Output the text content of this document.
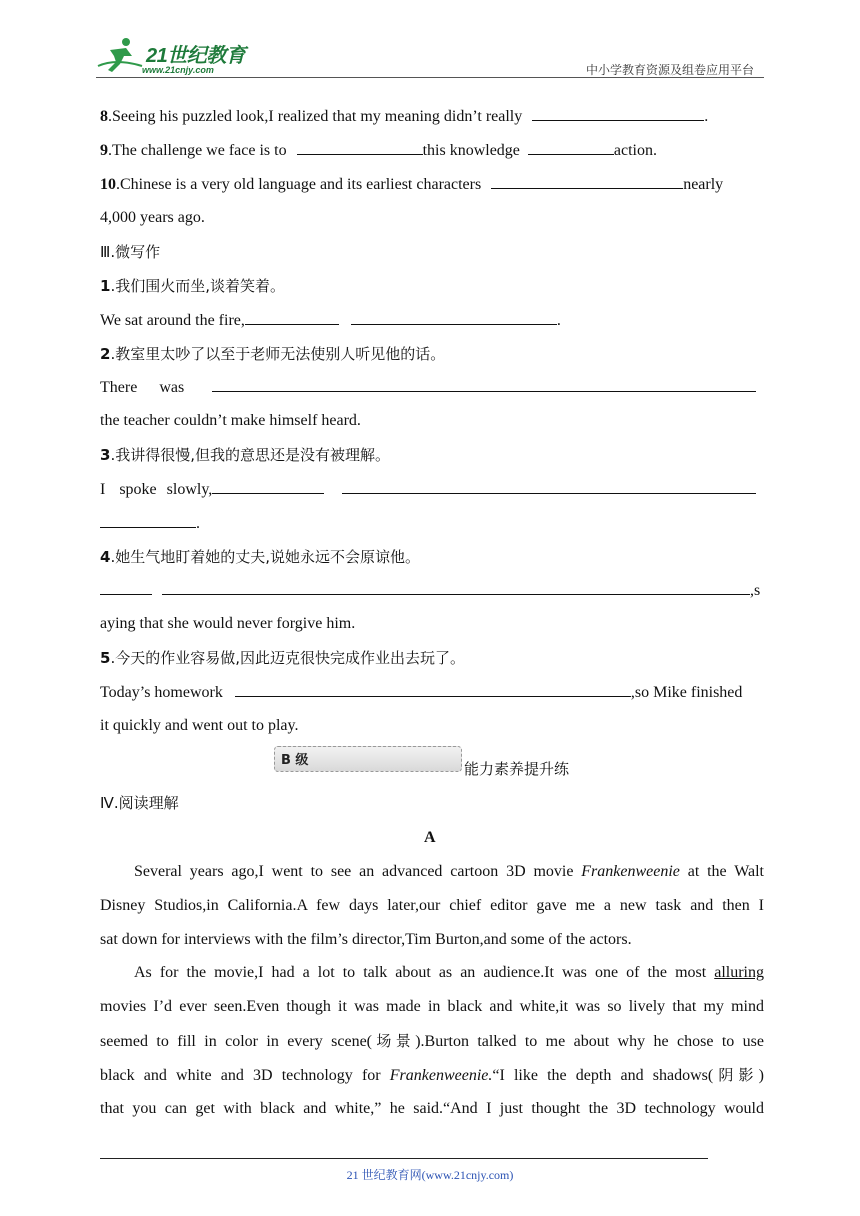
21世纪教育
www.21cnjy.com	中小学教育资源及组卷应用平台
8.Seeing his puzzled look,I realized that my meaning didn’t really	.
9.The challenge we face is to	this knowledge	action.
10.Chinese is a very old language and its earliest characters	nearly
4,000 years ago.
Ⅲ.微写作
1.我们围火而坐,谈着笑着。
We sat around the fire,	.
2.教室里太吵了以至于老师无法使别人听见他的话。
There was
the teacher couldn’t make himself heard.
3.我讲得很慢,但我的意思还是没有被理解。
I spoke slowly,
.
4.她生气地盯着她的丈夫,说她永远不会原谅他。
,s
aying that she would never forgive him.
5.今天的作业容易做,因此迈克很快完成作业出去玩了。
Today’s homework	,so Mike finished
it quickly and went out to play.
B 级	能力素养提升练
Ⅳ.阅读理解
A
Several years ago,I went to see an advanced cartoon 3D movie Frankenweenie at the Walt
Disney Studios,in California.A few days later,our chief editor gave me a new task and then I
sat down for interviews with the film’s director,Tim Burton,and some of the actors.
As for the movie,I had a lot to talk about as an audience.It was one of the most alluring
movies I’d ever seen.Even though it was made in black and white,it was so lively that my mind
seemed to fill in color in every scene(场景).Burton talked to me about why he chose to use
black and white and 3D technology for Frankenweenie.“I like the depth and shadows(阴影)
that you can get with black and white,” he said.“And I just thought the 3D technology would
21 世纪教育网(www.21cnjy.com)
